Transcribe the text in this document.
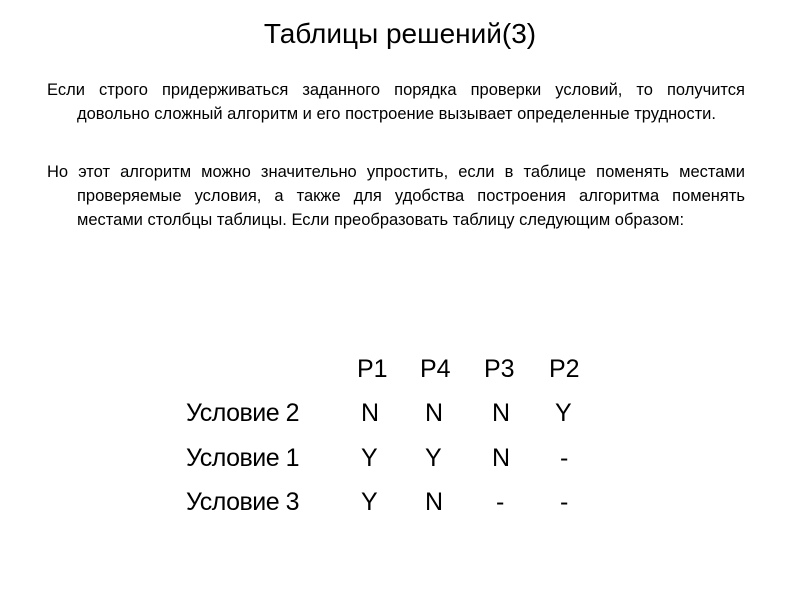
Таблицы решений(3)
Если строго придерживаться заданного порядка проверки условий, то получится довольно сложный алгоритм и его построение вызывает определенные трудности.
Но этот алгоритм можно значительно упростить, если в таблице поменять местами проверяемые условия, а также для удобства построения алгоритма поменять местами столбцы таблицы. Если преобразовать таблицу следующим образом:
P1 P4 P3 P2
Условие 2 N N N Y
Условие 1 Y Y N -
Условие 3 Y N - -
